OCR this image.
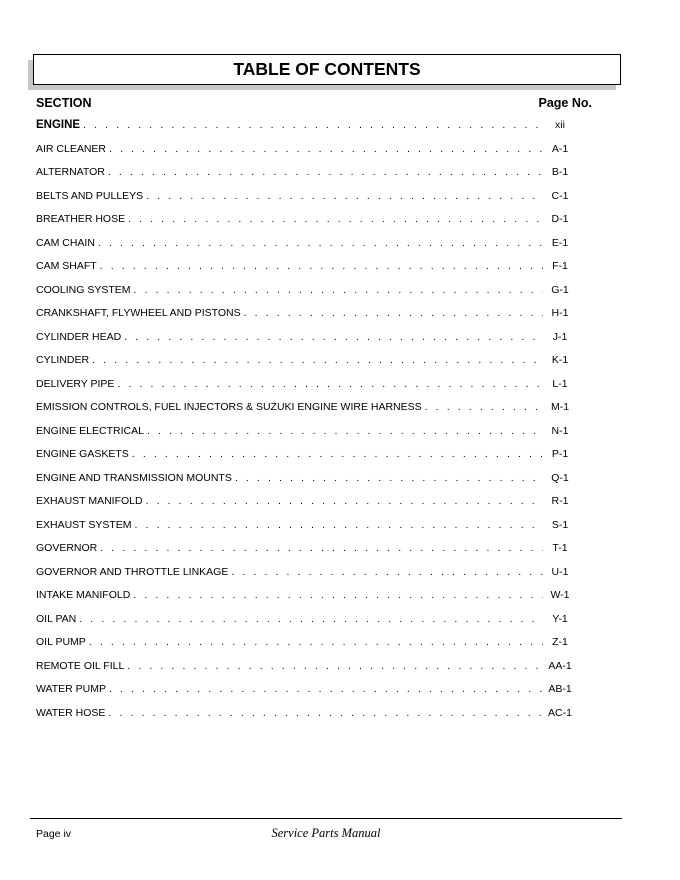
TABLE OF CONTENTS
SECTION	Page No.
ENGINE . . .	xii
AIR CLEANER . . .	A-1
ALTERNATOR . . .	B-1
BELTS AND PULLEYS . . .	C-1
BREATHER HOSE . . .	D-1
CAM CHAIN . . .	E-1
CAM SHAFT . . .	F-1
COOLING SYSTEM . . .	G-1
CRANKSHAFT, FLYWHEEL AND PISTONS . . .	H-1
CYLINDER HEAD . . .	J-1
CYLINDER . . .	K-1
DELIVERY PIPE . . .	L-1
EMISSION CONTROLS, FUEL INJECTORS & SUZUKI ENGINE WIRE HARNESS . . .	M-1
ENGINE ELECTRICAL . . .	N-1
ENGINE GASKETS . . .	P-1
ENGINE AND TRANSMISSION MOUNTS . . .	Q-1
EXHAUST MANIFOLD . . .	R-1
EXHAUST SYSTEM . . .	S-1
GOVERNOR . . .	T-1
GOVERNOR AND THROTTLE LINKAGE . . .	U-1
INTAKE MANIFOLD . . .	W-1
OIL PAN . . .	Y-1
OIL PUMP . . .	Z-1
REMOTE OIL FILL . . .	AA-1
WATER PUMP . . .	AB-1
WATER HOSE . . .	AC-1
Page iv	Service Parts Manual
